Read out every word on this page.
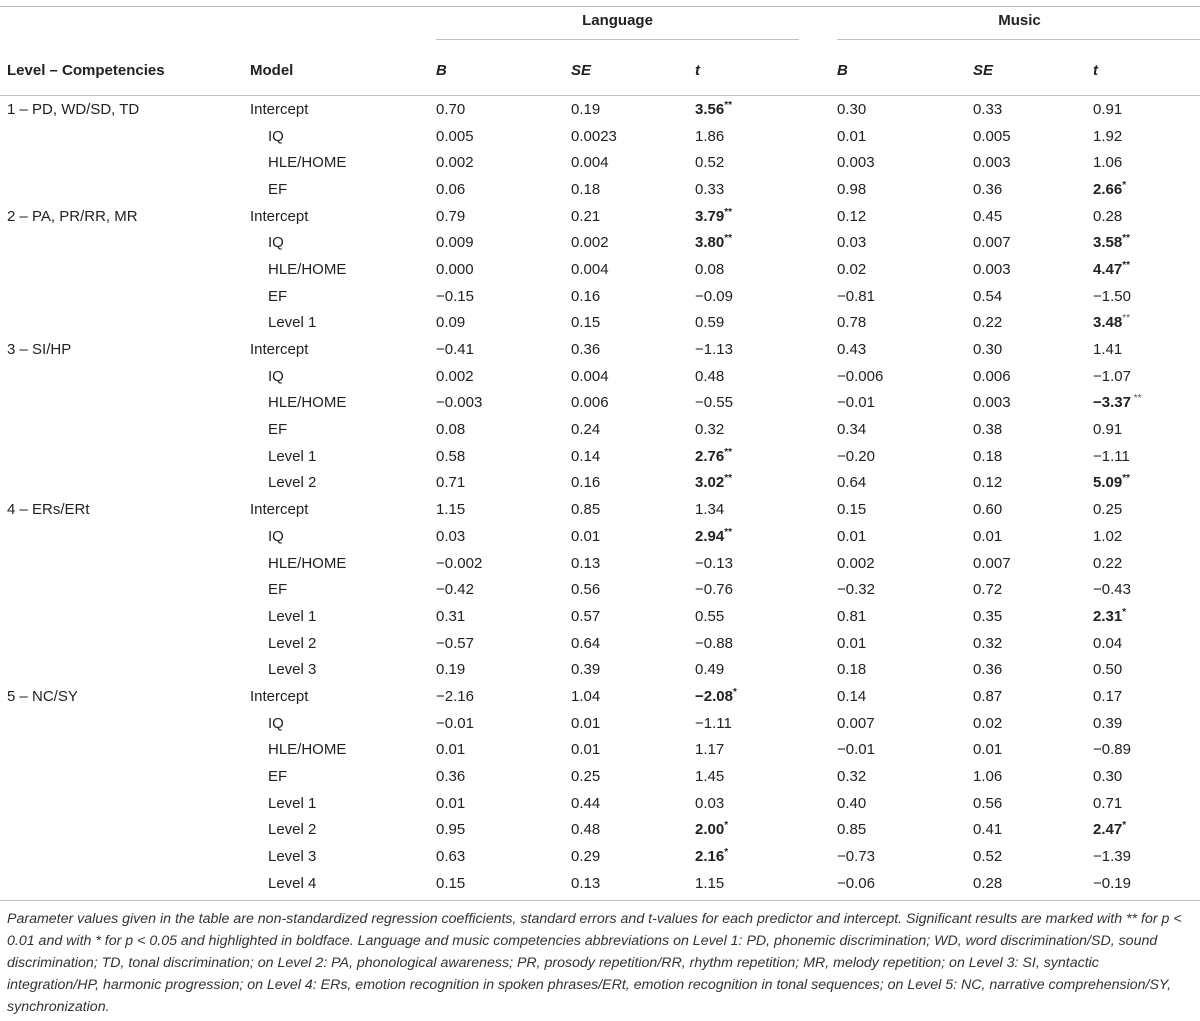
		Language			Music		

Level – Competencies	Model	B	SE	t	B	SE	t
1 – PD, WD/SD, TD	Intercept	0.70	0.19	3.56**	0.30	0.33	0.91
	IQ	0.005	0.0023	1.86	0.01	0.005	1.92
	HLE/HOME	0.002	0.004	0.52	0.003	0.003	1.06
	EF	0.06	0.18	0.33	0.98	0.36	2.66*
2 – PA, PR/RR, MR	Intercept	0.79	0.21	3.79**	0.12	0.45	0.28
	IQ	0.009	0.002	3.80**	0.03	0.007	3.58**
	HLE/HOME	0.000	0.004	0.08	0.02	0.003	4.47**
	EF	−0.15	0.16	−0.09	−0.81	0.54	−1.50
	Level 1	0.09	0.15	0.59	0.78	0.22	3.48**
3 – SI/HP	Intercept	−0.41	0.36	−1.13	0.43	0.30	1.41
	IQ	0.002	0.004	0.48	−0.006	0.006	−1.07
	HLE/HOME	−0.003	0.006	−0.55	−0.01	0.003	−3.37 **
	EF	0.08	0.24	0.32	0.34	0.38	0.91
	Level 1	0.58	0.14	2.76**	−0.20	0.18	−1.11
	Level 2	0.71	0.16	3.02**	0.64	0.12	5.09**
4 – ERs/ERt	Intercept	1.15	0.85	1.34	0.15	0.60	0.25
	IQ	0.03	0.01	2.94**	0.01	0.01	1.02
	HLE/HOME	−0.002	0.13	−0.13	0.002	0.007	0.22
	EF	−0.42	0.56	−0.76	−0.32	0.72	−0.43
	Level 1	0.31	0.57	0.55	0.81	0.35	2.31*
	Level 2	−0.57	0.64	−0.88	0.01	0.32	0.04
	Level 3	0.19	0.39	0.49	0.18	0.36	0.50
5 – NC/SY	Intercept	−2.16	1.04	−2.08*	0.14	0.87	0.17
	IQ	−0.01	0.01	−1.11	0.007	0.02	0.39
	HLE/HOME	0.01	0.01	1.17	−0.01	0.01	−0.89
	EF	0.36	0.25	1.45	0.32	1.06	0.30
	Level 1	0.01	0.44	0.03	0.40	0.56	0.71
	Level 2	0.95	0.48	2.00*	0.85	0.41	2.47*
	Level 3	0.63	0.29	2.16*	−0.73	0.52	−1.39
	Level 4	0.15	0.13	1.15	−0.06	0.28	−0.19
Parameter values given in the table are non-standardized regression coefficients, standard errors and t-values for each predictor and intercept. Significant results are marked with ** for p < 0.01 and with * for p < 0.05 and highlighted in boldface. Language and music competencies abbreviations on Level 1: PD, phonemic discrimination; WD, word discrimination/SD, sound discrimination; TD, tonal discrimination; on Level 2: PA, phonological awareness; PR, prosody repetition/RR, rhythm repetition; MR, melody repetition; on Level 3: SI, syntactic integration/HP, harmonic progression; on Level 4: ERs, emotion recognition in spoken phrases/ERt, emotion recognition in tonal sequences; on Level 5: NC, narrative comprehension/SY, synchronization.
